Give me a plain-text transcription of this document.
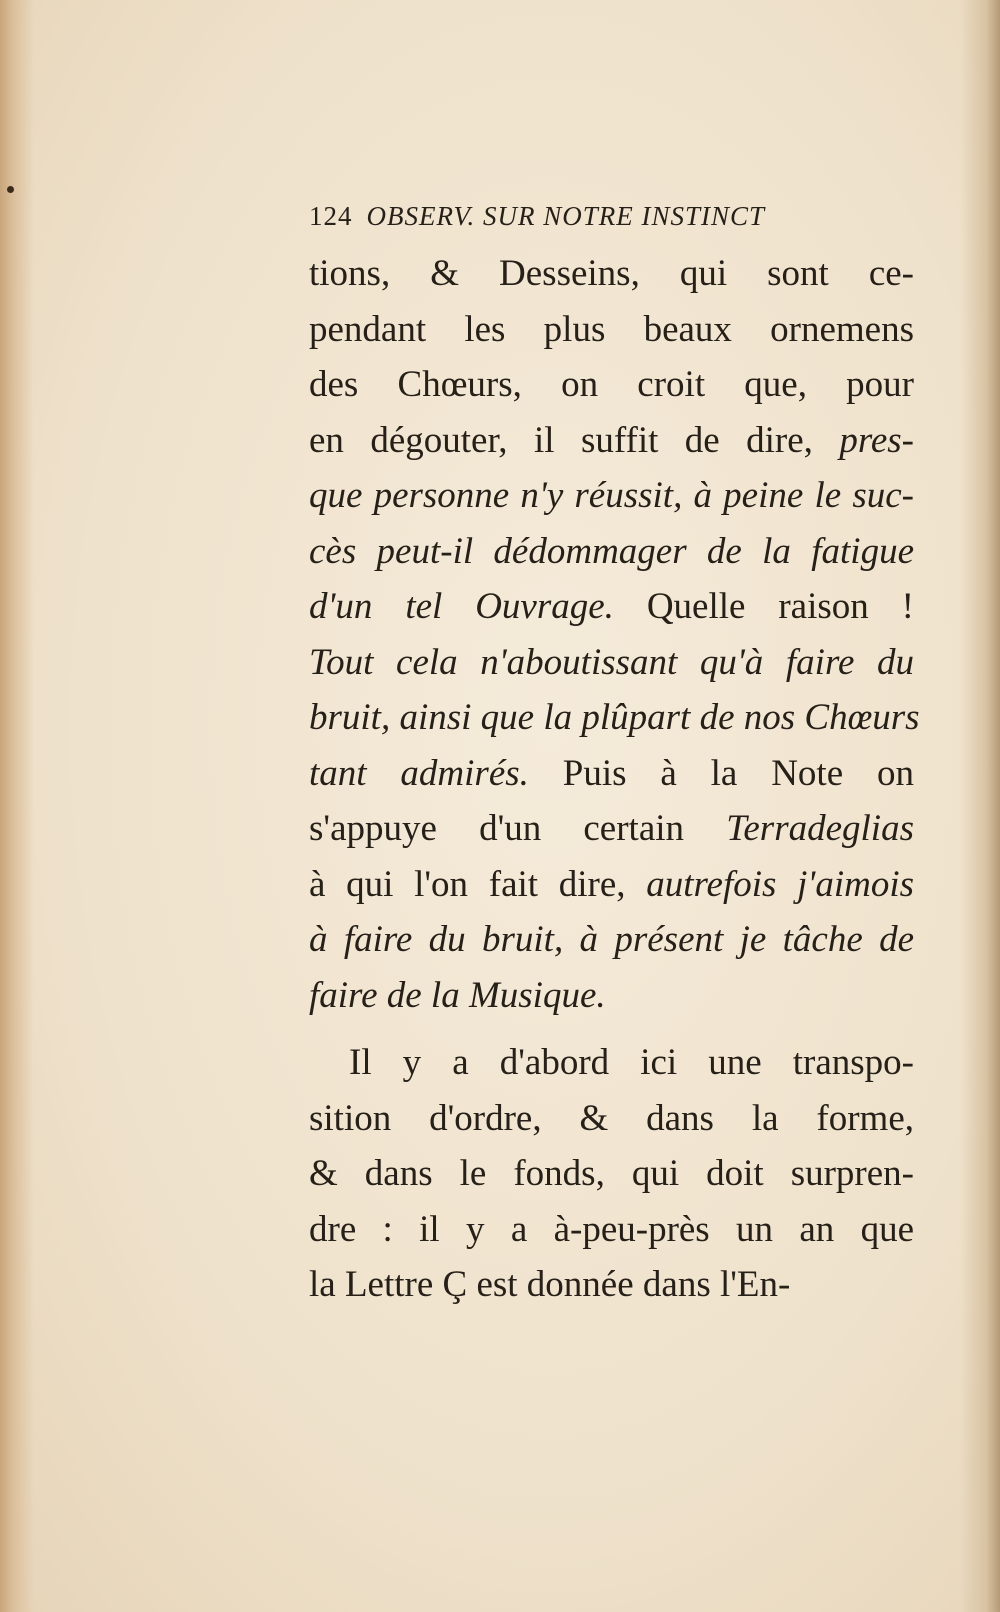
124 OBSERV. SUR NOTRE INSTINCT
tions, & Desseins, qui sont ce-
pendant les plus beaux ornemens
des Chœurs, on croit que, pour
en dégouter, il suffit de dire, pres-
que personne n'y réussit, à peine le suc-
cès peut-il dédommager de la fatigue
d'un tel Ouvrage. Quelle raison !
Tout cela n'aboutissant qu'à faire du
bruit, ainsi que la plûpart de nos Chœurs
tant admirés. Puis à la Note on
s'appuye d'un certain Terradeglias
à qui l'on fait dire, autrefois j'aimois
à faire du bruit, à présent je tâche de
faire de la Musique.
Il y a d'abord ici une transpo-
sition d'ordre, & dans la forme,
& dans le fonds, qui doit surpren-
dre : il y a à-peu-près un an que
la Lettre Ç est donnée dans l'En-
